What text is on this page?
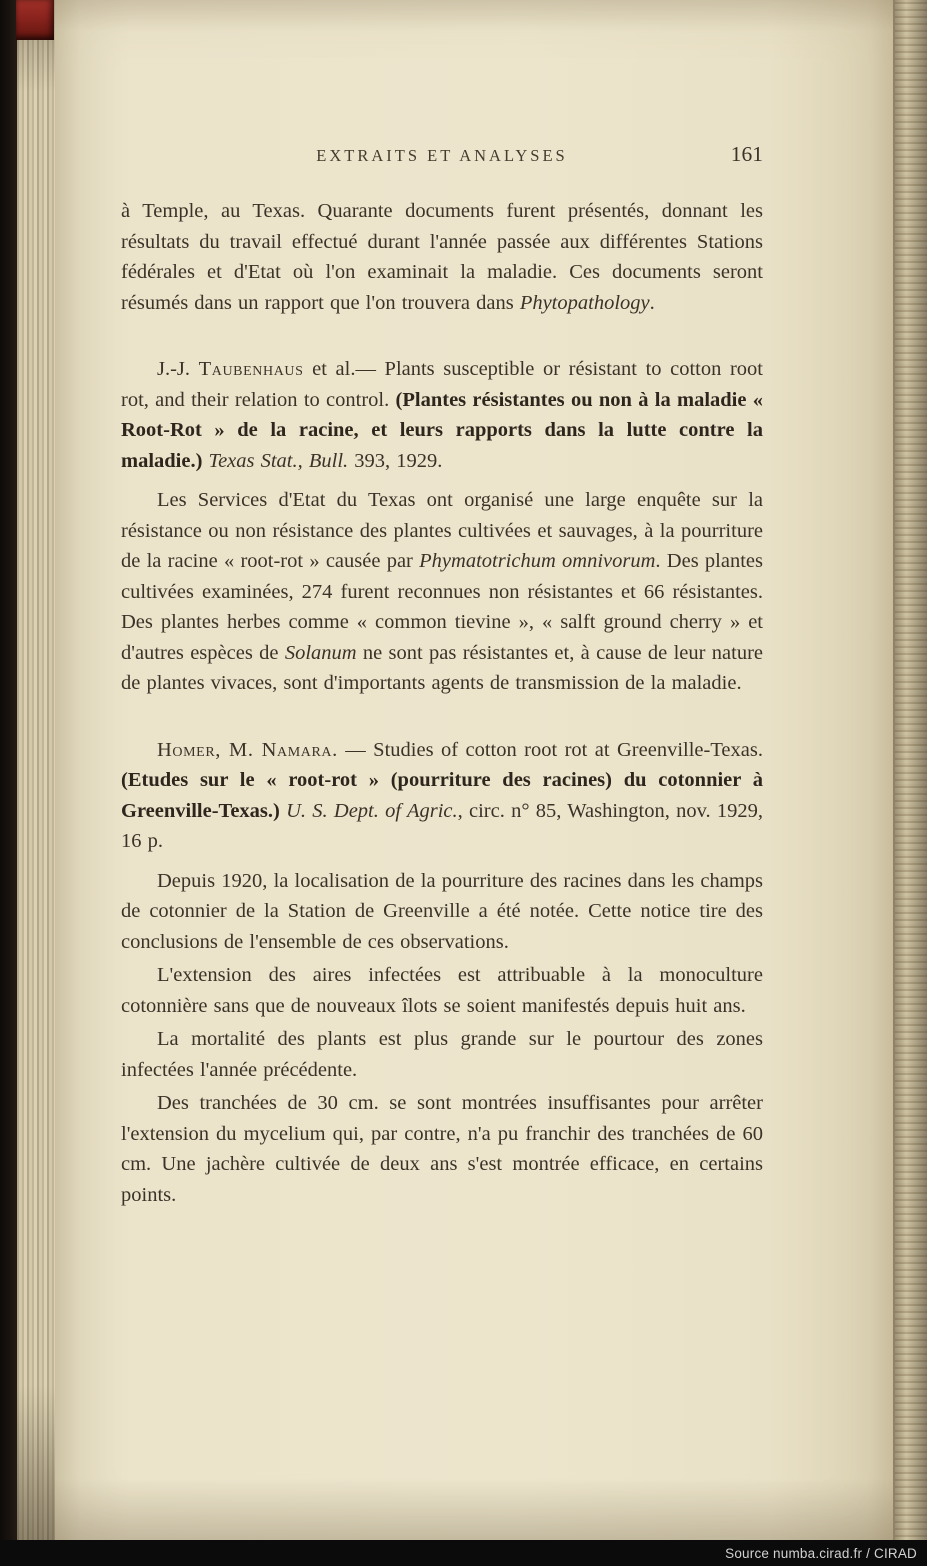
EXTRAITS ET ANALYSES	161

à Temple, au Texas. Quarante documents furent présentés, donnant les résultats du travail effectué durant l'année passée aux différentes Stations fédérales et d'Etat où l'on examinait la maladie. Ces documents seront résumés dans un rapport que l'on trouvera dans Phytopathology.

J.-J. Taubenhaus et al.— Plants susceptible or résistant to cotton root rot, and their relation to control. (Plantes résistantes ou non à la maladie « Root-Rot » de la racine, et leurs rapports dans la lutte contre la maladie.) Texas Stat., Bull. 393, 1929.

Les Services d'Etat du Texas ont organisé une large enquête sur la résistance ou non résistance des plantes cultivées et sauvages, à la pourriture de la racine « root-rot » causée par Phymatotrichum omnivorum. Des plantes cultivées examinées, 274 furent reconnues non résistantes et 66 résistantes. Des plantes herbes comme « common tievine », « salft ground cherry » et d'autres espèces de Solanum ne sont pas résistantes et, à cause de leur nature de plantes vivaces, sont d'importants agents de transmission de la maladie.

Homer, M. Namara. — Studies of cotton root rot at Greenville-Texas. (Etudes sur le « root-rot » (pourriture des racines) du cotonnier à Greenville-Texas.) U. S. Dept. of Agric., circ. n° 85, Washington, nov. 1929, 16 p.

Depuis 1920, la localisation de la pourriture des racines dans les champs de cotonnier de la Station de Greenville a été notée. Cette notice tire des conclusions de l'ensemble de ces observations.

L'extension des aires infectées est attribuable à la monoculture cotonnière sans que de nouveaux îlots se soient manifestés depuis huit ans.

La mortalité des plants est plus grande sur le pourtour des zones infectées l'année précédente.

Des tranchées de 30 cm. se sont montrées insuffisantes pour arrêter l'extension du mycelium qui, par contre, n'a pu franchir des tranchées de 60 cm. Une jachère cultivée de deux ans s'est montrée efficace, en certains points.

Source numba.cirad.fr / CIRAD
